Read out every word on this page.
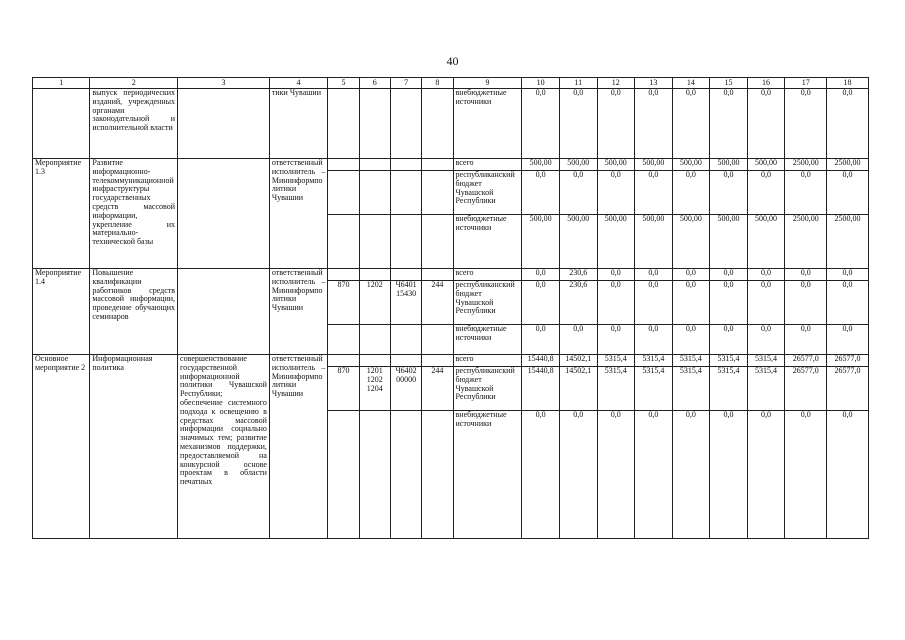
40
1	2	3	4	5	6	7	8	9	10	11	12	13	14	15	16	17	18
	выпуск периодических изданий, учрежденных органами законодательной и исполнительной власти		тики Чувашии					внебюджетные источники	0,0	0,0	0,0	0,0	0,0	0,0	0,0	0,0	0,0
Мероприятие 1.3	Развитие информационно-телекоммуникационной инфраструктуры государственных средств массовой информации, укрепление их материально-технической базы		ответственный исполнитель – Мининформполитики Чувашии					всего	500,00	500,00	500,00	500,00	500,00	500,00	500,00	2500,00	2500,00
								республиканский бюджет Чувашской Республики	0,0	0,0	0,0	0,0	0,0	0,0	0,0	0,0	0,0
								внебюджетные источники	500,00	500,00	500,00	500,00	500,00	500,00	500,00	2500,00	2500,00
Мероприятие 1.4	Повышение квалификации работников средств массовой информации, проведение обучающих семинаров		ответственный исполнитель – Мининформполитики Чувашии					всего	0,0	230,6	0,0	0,0	0,0	0,0	0,0	0,0	0,0
				870	1202	Ч6401 15430	244	республиканский бюджет Чувашской Республики	0,0	230,6	0,0	0,0	0,0	0,0	0,0	0,0	0,0
								внебюджетные источники	0,0	0,0	0,0	0,0	0,0	0,0	0,0	0,0	0,0
Основное мероприятие 2	Информационная политика	совершенствование государственной информационной политики Чувашской Республики; обеспечение системного подхода к освещению в средствах массовой информации социально значимых тем; развитие механизмов поддержки, предоставляемой на конкурсной основе проектам в области печатных	ответственный исполнитель – Мининформполитики Чувашии					всего	15440,8	14502,1	5315,4	5315,4	5315,4	5315,4	5315,4	26577,0	26577,0
				870	1201 1202 1204	Ч6402 00000	244	республиканский бюджет Чувашской Республики	15440,8	14502,1	5315,4	5315,4	5315,4	5315,4	5315,4	26577,0	26577,0
								внебюджетные источники	0,0	0,0	0,0	0,0	0,0	0,0	0,0	0,0	0,0
